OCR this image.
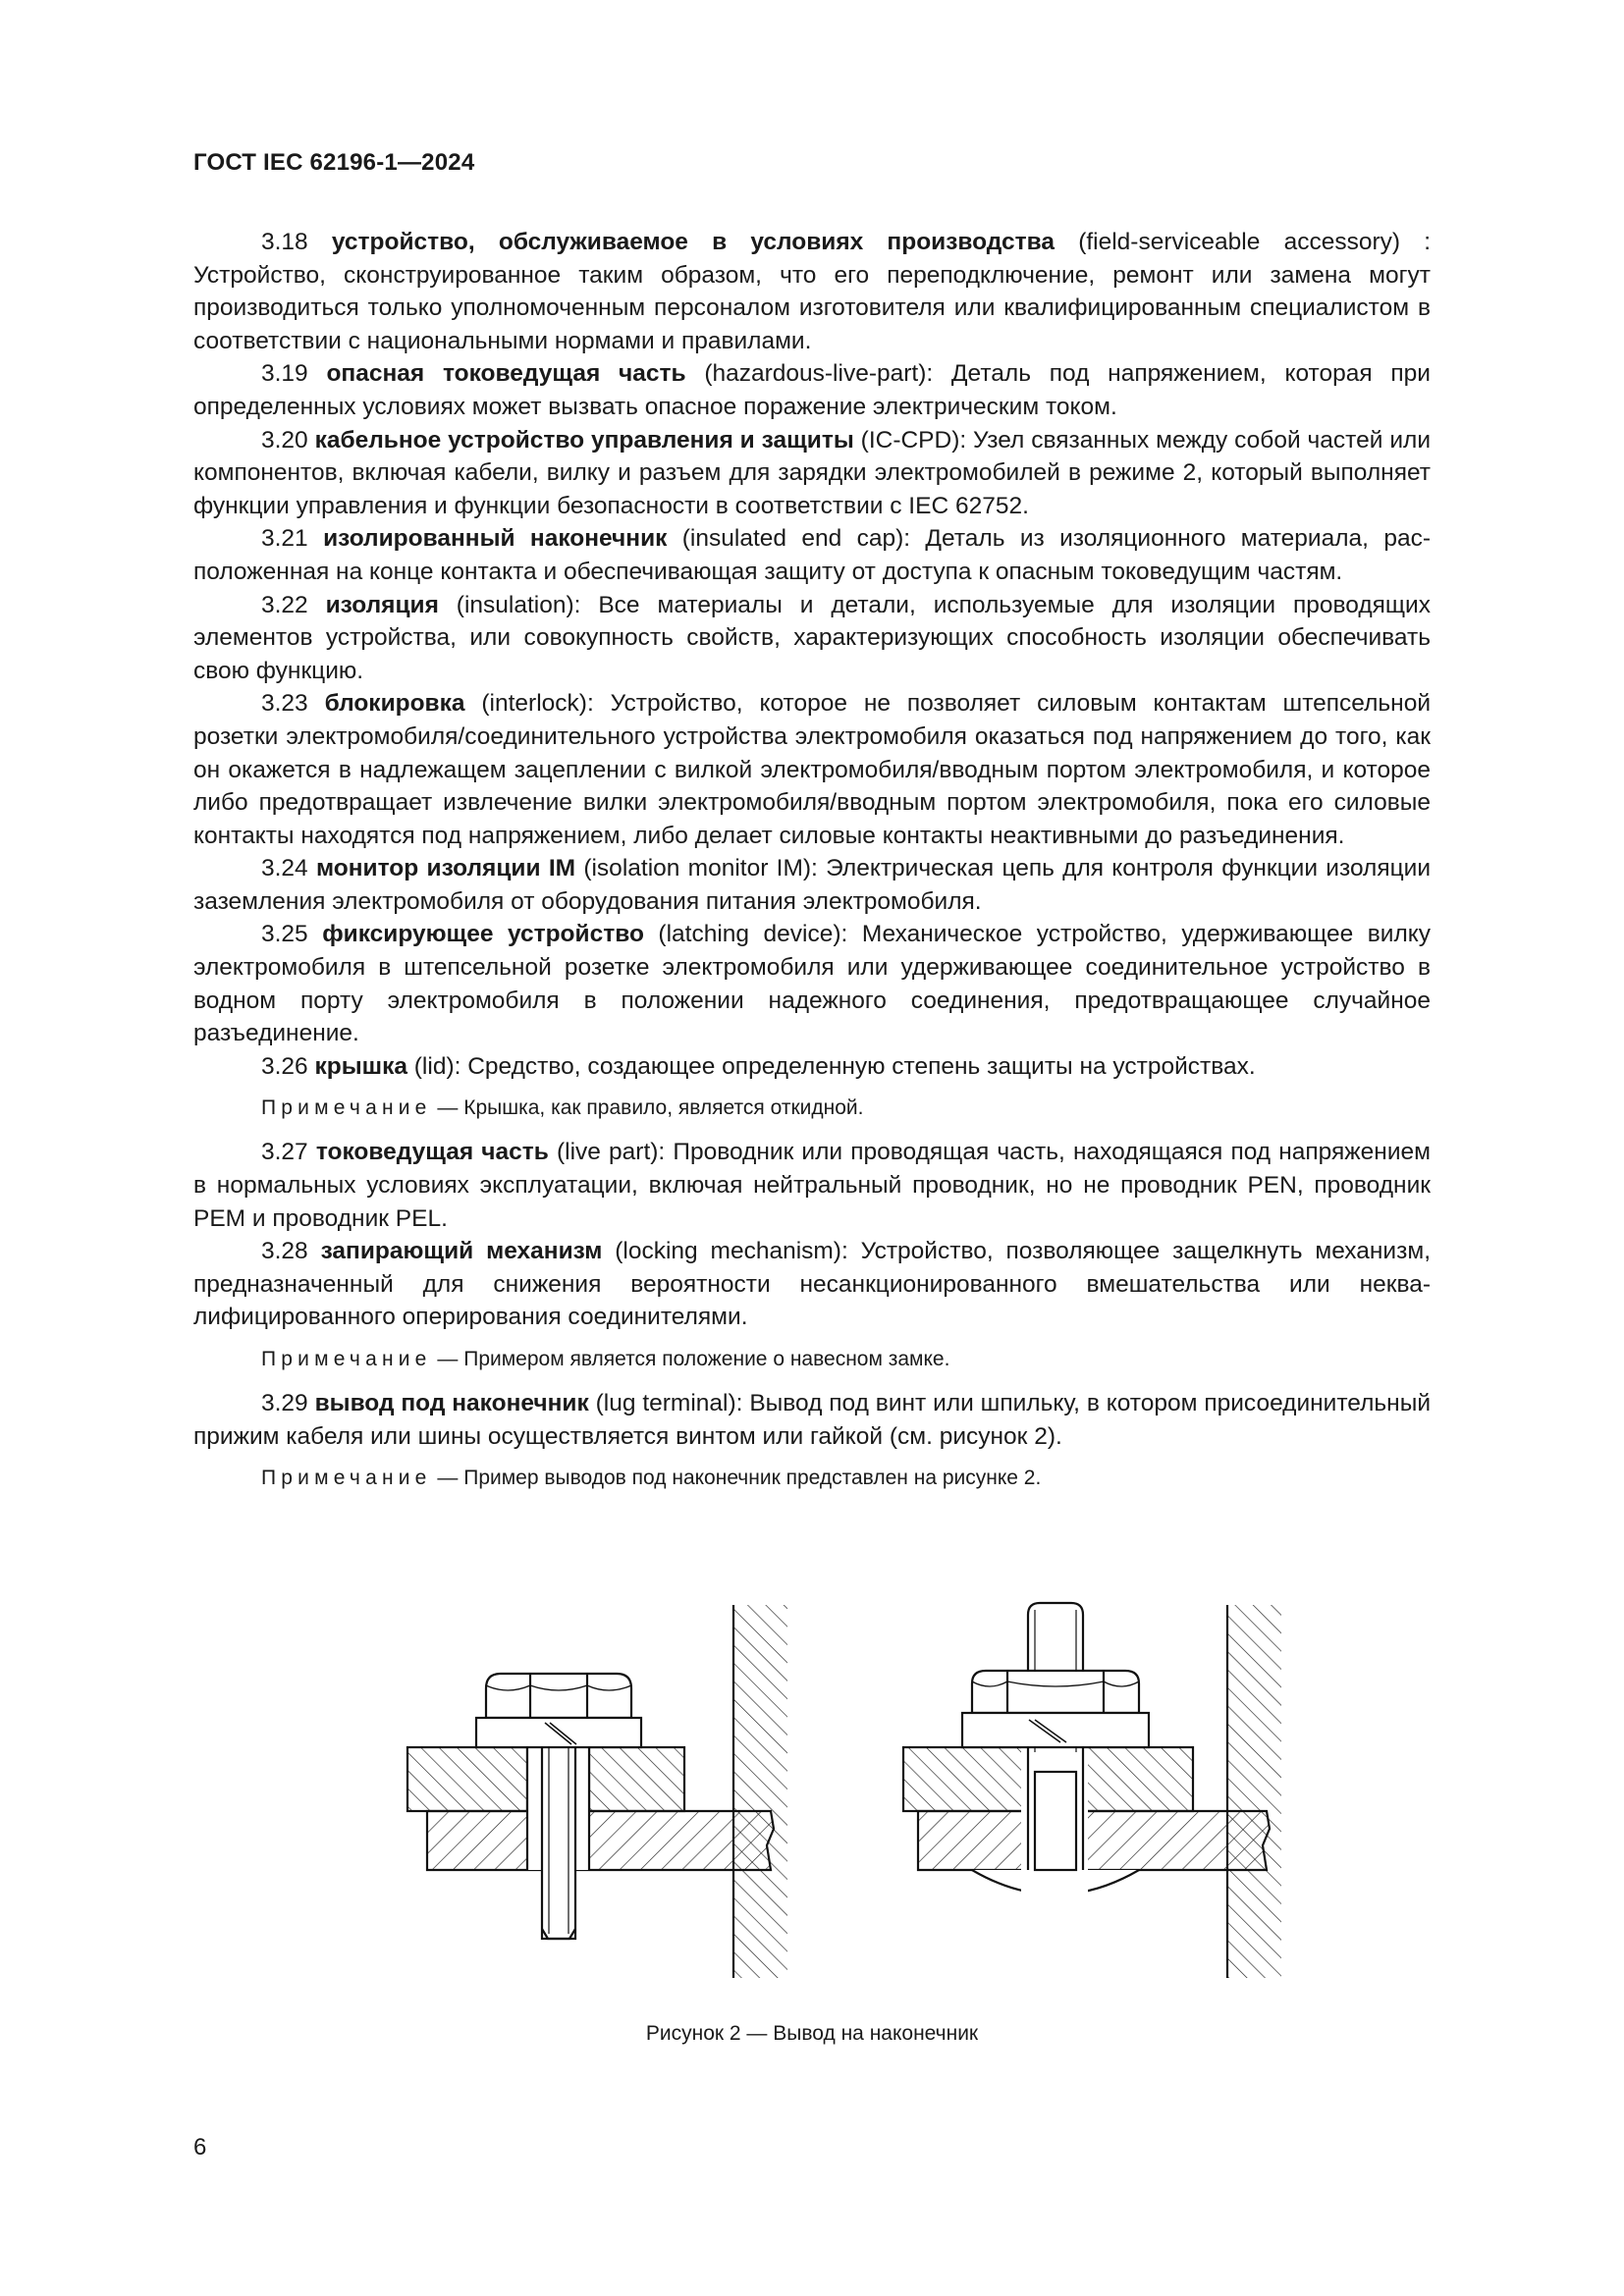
ГОСТ IEC 62196-1—2024

3.18 устройство, обслуживаемое в условиях производства (field-serviceable accessory) : Устройство, сконструированное таким образом, что его переподключение, ремонт или замена могут производиться только уполномоченным персоналом изготовителя или квалифицированным специалистом в соответствии с национальными нормами и правилами.

3.19 опасная токоведущая часть (hazardous-live-part): Деталь под напряжением, которая при определенных условиях может вызвать опасное поражение электрическим током.

3.20 кабельное устройство управления и защиты (IC-CPD): Узел связанных между собой частей или компонентов, включая кабели, вилку и разъем для зарядки электромобилей в режиме 2, который выполняет функции управления и функции безопасности в соответствии с IEC 62752.

3.21 изолированный наконечник (insulated end cap): Деталь из изоляционного материала, расположенная на конце контакта и обеспечивающая защиту от доступа к опасным токоведущим частям.

3.22 изоляция (insulation): Все материалы и детали, используемые для изоляции проводящих элементов устройства, или совокупность свойств, характеризующих способность изоляции обеспечивать свою функцию.

3.23 блокировка (interlock): Устройство, которое не позволяет силовым контактам штепсельной розетки электромобиля/соединительного устройства электромобиля оказаться под напряжением до того, как он окажется в надлежащем зацеплении с вилкой электромобиля/вводным портом электромобиля, и которое либо предотвращает извлечение вилки электромобиля/вводным портом электромобиля, пока его силовые контакты находятся под напряжением, либо делает силовые контакты неактивными до разъединения.

3.24 монитор изоляции IM (isolation monitor IM): Электрическая цепь для контроля функции изоляции заземления электромобиля от оборудования питания электромобиля.

3.25 фиксирующее устройство (latching device): Механическое устройство, удерживающее вилку электромобиля в штепсельной розетке электромобиля или удерживающее соединительное устройство в водном порту электромобиля в положении надежного соединения, предотвращающее случайное разъединение.

3.26 крышка (lid): Средство, создающее определенную степень защиты на устройствах.

Примечание — Крышка, как правило, является откидной.

3.27 токоведущая часть (live part): Проводник или проводящая часть, находящаяся под напряжением в нормальных условиях эксплуатации, включая нейтральный проводник, но не проводник PEN, проводник PEM и проводник PEL.

3.28 запирающий механизм (locking mechanism): Устройство, позволяющее защелкнуть механизм, предназначенный для снижения вероятности несанкционированного вмешательства или неквалифицированного оперирования соединителями.

Примечание — Примером является положение о навесном замке.

3.29 вывод под наконечник (lug terminal): Вывод под винт или шпильку, в котором присоединительный прижим кабеля или шины осуществляется винтом или гайкой (см. рисунок 2).

Примечание — Пример выводов под наконечник представлен на рисунке 2.
Рисунок 2 — Вывод на наконечник
6
